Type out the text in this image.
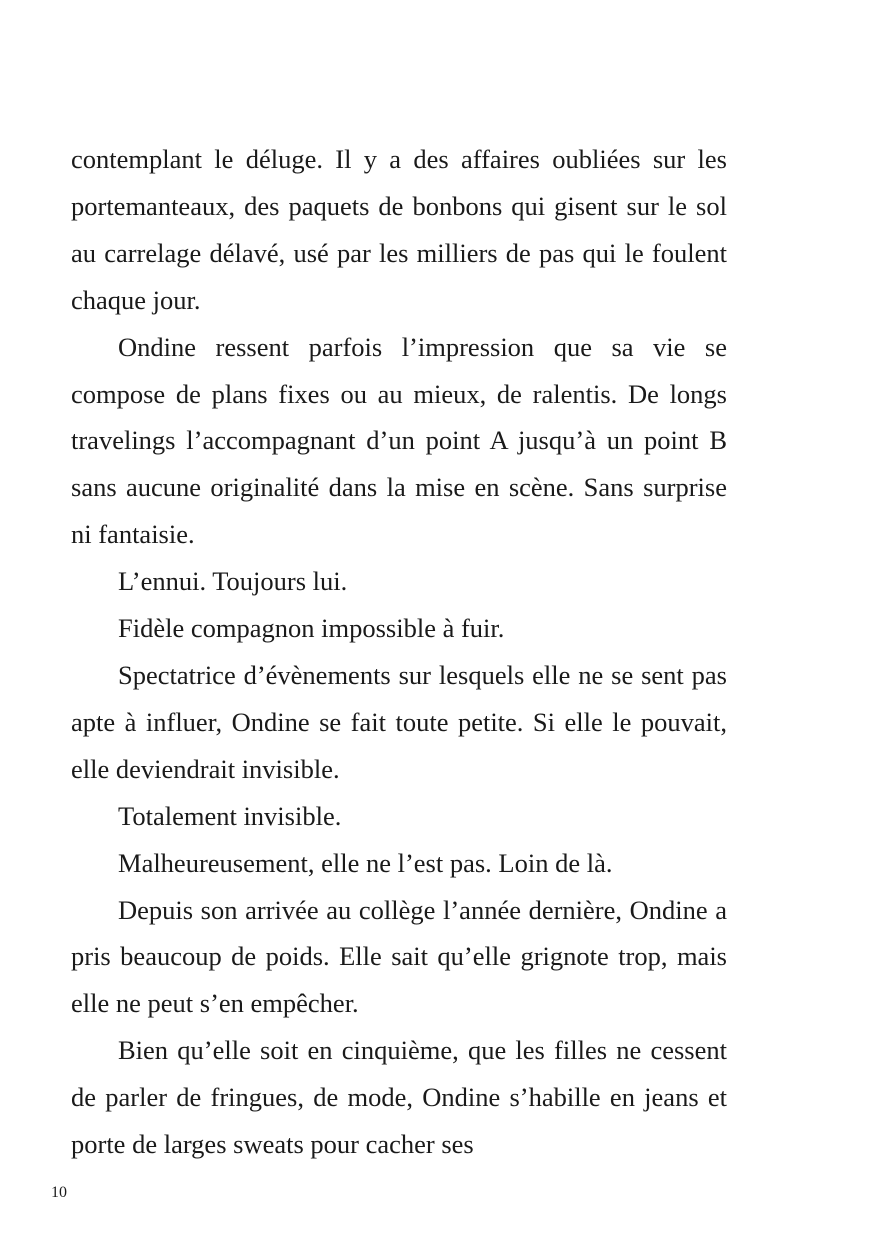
contemplant le déluge. Il y a des affaires oubliées sur les portemanteaux, des paquets de bonbons qui gisent sur le sol au carrelage délavé, usé par les milliers de pas qui le foulent chaque jour.

Ondine ressent parfois l’impression que sa vie se compose de plans fixes ou au mieux, de ralentis. De longs travelings l’accompagnant d’un point A jusqu’à un point B sans aucune originalité dans la mise en scène. Sans surprise ni fantaisie.

L’ennui. Toujours lui.

Fidèle compagnon impossible à fuir.

Spectatrice d’évènements sur lesquels elle ne se sent pas apte à influer, Ondine se fait toute petite. Si elle le pouvait, elle deviendrait invisible.

Totalement invisible.

Malheureusement, elle ne l’est pas. Loin de là.

Depuis son arrivée au collège l’année dernière, Ondine a pris beaucoup de poids. Elle sait qu’elle grignote trop, mais elle ne peut s’en empêcher.

Bien qu’elle soit en cinquième, que les filles ne cessent de parler de fringues, de mode, Ondine s’habille en jeans et porte de larges sweats pour cacher ses

10
